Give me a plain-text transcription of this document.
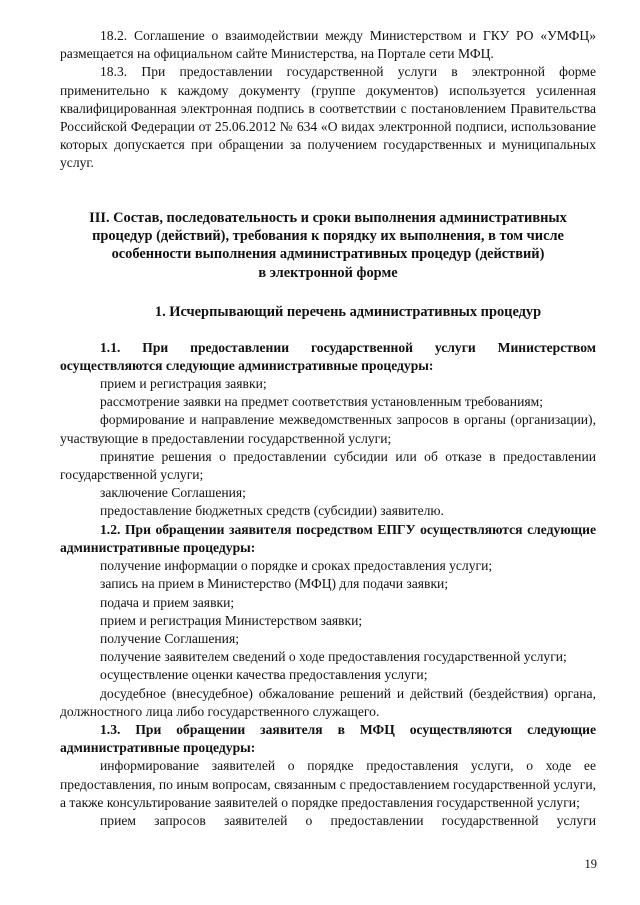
18.2. Соглашение о взаимодействии между Министерством и ГКУ РО «УМФЦ» размещается на официальном сайте Министерства, на Портале сети МФЦ.

18.3. При предоставлении государственной услуги в электронной форме применительно к каждому документу (группе документов) используется усиленная квалифицированная электронная подпись в соответствии с постановлением Правительства Российской Федерации от 25.06.2012 № 634 «О видах электронной подписи, использование которых допускается при обращении за получением государственных и муниципальных услуг.

III. Состав, последовательность и сроки выполнения административных

процедур (действий), требования к порядку их выполнения, в том числе

особенности выполнения административных процедур (действий)

в электронной форме

1. Исчерпывающий перечень административных процедур

1.1. При предоставлении государственной услуги Министерством осуществляются следующие административные процедуры:

прием и регистрация заявки;

рассмотрение заявки на предмет соответствия установленным требованиям;

формирование и направление межведомственных запросов в органы (организации), участвующие в предоставлении государственной услуги;

принятие решения о предоставлении субсидии или об отказе в предоставлении государственной услуги;

заключение Соглашения;

предоставление бюджетных средств (субсидии) заявителю.

1.2. При обращении заявителя посредством ЕПГУ осуществляются следующие административные процедуры:

получение информации о порядке и сроках предоставления услуги;

запись на прием в Министерство (МФЦ) для подачи заявки;

подача и прием заявки;

прием и регистрация Министерством заявки;

получение Соглашения;

получение заявителем сведений о ходе предоставления государственной услуги;

осуществление оценки качества предоставления услуги;

досудебное (внесудебное) обжалование решений и действий (бездействия) органа, должностного лица либо государственного служащего.

1.3. При обращении заявителя в МФЦ осуществляются следующие административные процедуры:

информирование заявителей о порядке предоставления услуги, о ходе ее предоставления, по иным вопросам, связанным с предоставлением государственной услуги, а также консультирование заявителей о порядке предоставления государственной услуги;

прием запросов заявителей о предоставлении государственной услуги

19
